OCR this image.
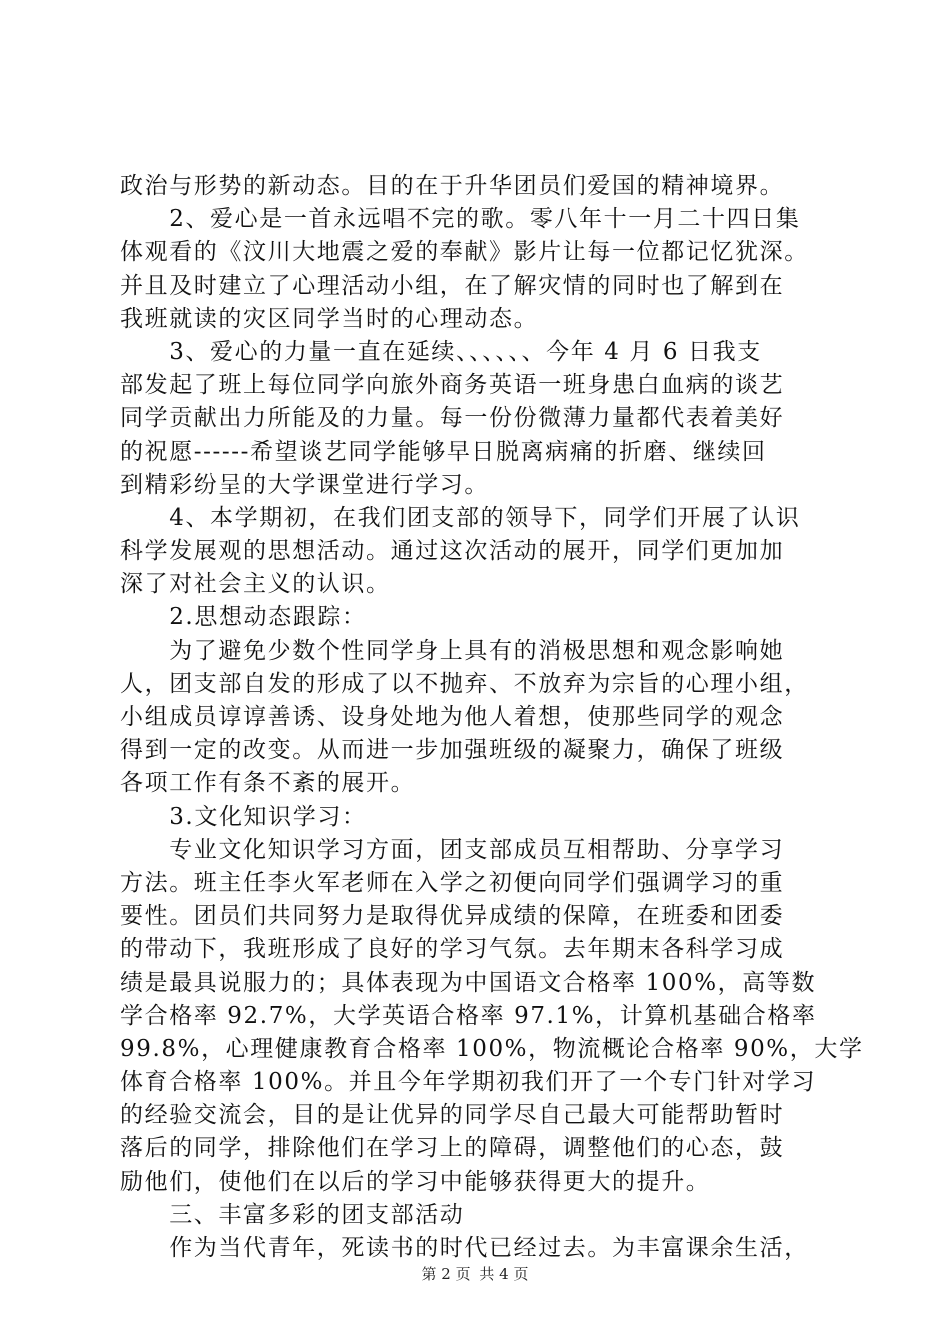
政治与形势的新动态。目的在于升华团员们爱国的精神境界。
　　2、爱心是一首永远唱不完的歌。零八年十一月二十四日集
体观看的《汶川大地震之爱的奉献》影片让每一位都记忆犹深。
并且及时建立了心理活动小组，在了解灾情的同时也了解到在
我班就读的灾区同学当时的心理动态。
　　3、爱心的力量一直在延续、、、、、、今年 4 月 6 日我支
部发起了班上每位同学向旅外商务英语一班身患白血病的谈艺
同学贡献出力所能及的力量。每一份份微薄力量都代表着美好
的祝愿------希望谈艺同学能够早日脱离病痛的折磨、继续回
到精彩纷呈的大学课堂进行学习。
　　4、本学期初，在我们团支部的领导下，同学们开展了认识
科学发展观的思想活动。通过这次活动的展开，同学们更加加
深了对社会主义的认识。
　　2.思想动态跟踪：
　　为了避免少数个性同学身上具有的消极思想和观念影响她
人，团支部自发的形成了以不抛弃、不放弃为宗旨的心理小组，
小组成员谆谆善诱、设身处地为他人着想，使那些同学的观念
得到一定的改变。从而进一步加强班级的凝聚力，确保了班级
各项工作有条不紊的展开。
　　3.文化知识学习：
　　专业文化知识学习方面，团支部成员互相帮助、分享学习
方法。班主任李火军老师在入学之初便向同学们强调学习的重
要性。团员们共同努力是取得优异成绩的保障，在班委和团委
的带动下，我班形成了良好的学习气氛。去年期末各科学习成
绩是最具说服力的；具体表现为中国语文合格率 100%，高等数
学合格率 92.7%，大学英语合格率 97.1%，计算机基础合格率
99.8%，心理健康教育合格率 100%，物流概论合格率 90%，大学
体育合格率 100%。并且今年学期初我们开了一个专门针对学习
的经验交流会，目的是让优异的同学尽自己最大可能帮助暂时
落后的同学，排除他们在学习上的障碍，调整他们的心态，鼓
励他们，使他们在以后的学习中能够获得更大的提升。
　　三、丰富多彩的团支部活动
　　作为当代青年，死读书的时代已经过去。为丰富课余生活，
第 2 页 共 4 页
